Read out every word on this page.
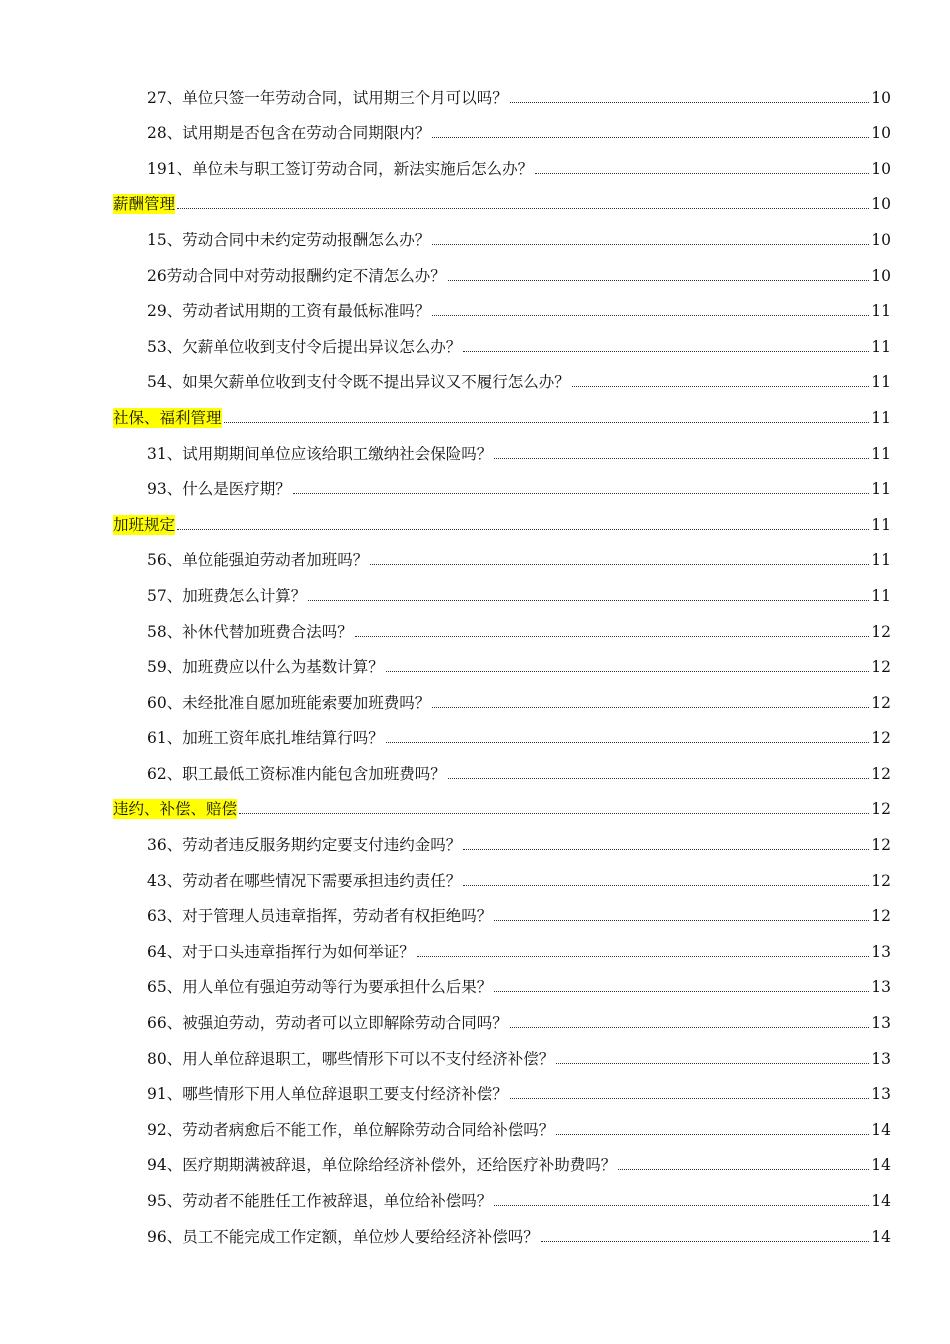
27、单位只签一年劳动合同，试用期三个月可以吗？	10
28、试用期是否包含在劳动合同期限内？	10
191、单位未与职工签订劳动合同，新法实施后怎么办？	10
薪酬管理	10
15、劳动合同中未约定劳动报酬怎么办？	10
26劳动合同中对劳动报酬约定不清怎么办？	10
29、劳动者试用期的工资有最低标准吗？	11
53、欠薪单位收到支付令后提出异议怎么办？	11
54、如果欠薪单位收到支付令既不提出异议又不履行怎么办？	11
社保、福利管理	11
31、试用期期间单位应该给职工缴纳社会保险吗？	11
93、什么是医疗期？	11
加班规定	11
56、单位能强迫劳动者加班吗？	11
57、加班费怎么计算？	11
58、补休代替加班费合法吗？	12
59、加班费应以什么为基数计算？	12
60、未经批准自愿加班能索要加班费吗？	12
61、加班工资年底扎堆结算行吗？	12
62、职工最低工资标准内能包含加班费吗？	12
违约、补偿、赔偿	12
36、劳动者违反服务期约定要支付违约金吗？	12
43、劳动者在哪些情况下需要承担违约责任？	12
63、对于管理人员违章指挥，劳动者有权拒绝吗？	12
64、对于口头违章指挥行为如何举证？	13
65、用人单位有强迫劳动等行为要承担什么后果？	13
66、被强迫劳动，劳动者可以立即解除劳动合同吗？	13
80、用人单位辞退职工，哪些情形下可以不支付经济补偿？	13
91、哪些情形下用人单位辞退职工要支付经济补偿？	13
92、劳动者病愈后不能工作，单位解除劳动合同给补偿吗？	14
94、医疗期期满被辞退，单位除给经济补偿外，还给医疗补助费吗？	14
95、劳动者不能胜任工作被辞退，单位给补偿吗？	14
96、员工不能完成工作定额，单位炒人要给经济补偿吗？	14
